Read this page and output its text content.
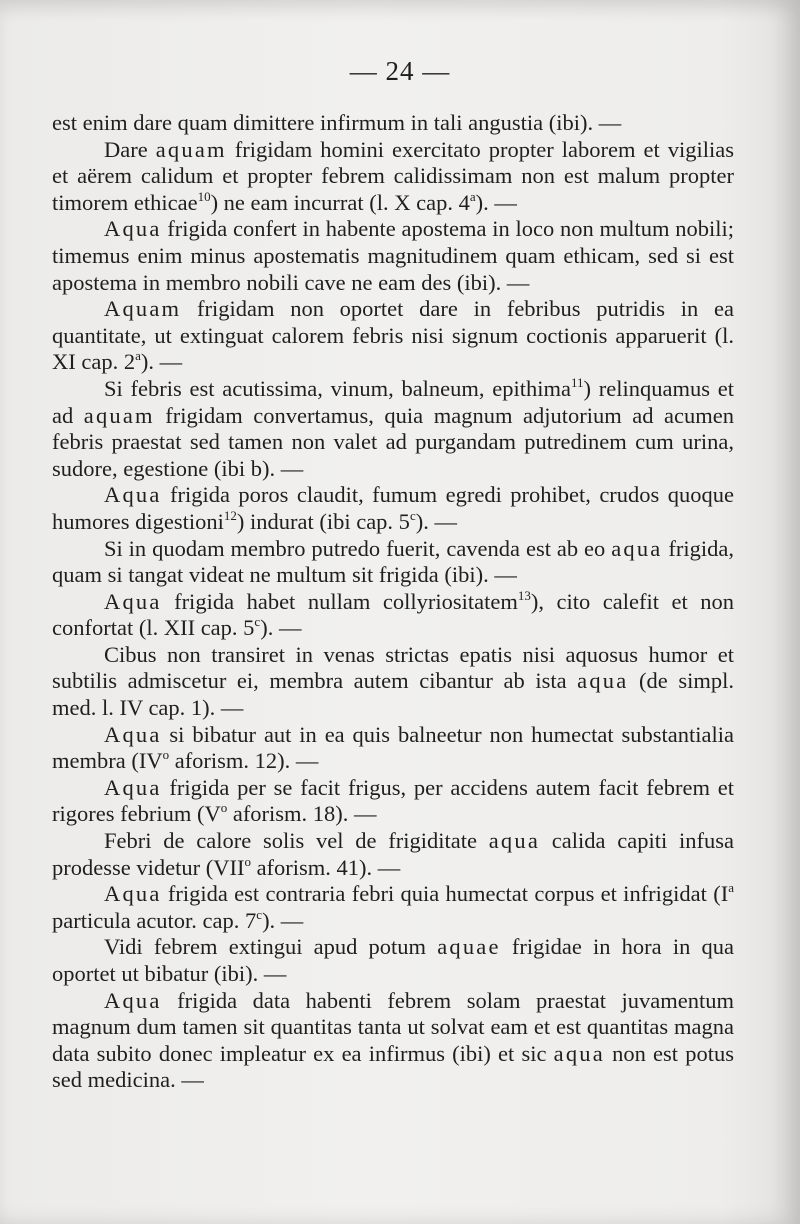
— 24 —

est enim dare quam dimittere infirmum in tali angustia (ibi). —

Dare aquam frigidam homini exercitato propter laborem et vigilias et aërem calidum et propter febrem calidissimam non est malum propter timorem ethicae$^{10}$) ne eam incurrat (l. X cap. 4$^a$). —

Aqua frigida confert in habente apostema in loco non multum nobili; timemus enim minus apostematis magnitudinem quam ethicam, sed si est apostema in membro nobili cave ne eam des (ibi). —

Aquam frigidam non oportet dare in febribus putridis in ea quantitate, ut extinguat calorem febris nisi signum coctionis apparuerit (l. XI cap. 2$^a$). —

Si febris est acutissima, vinum, balneum, epithima$^{11}$) relinquamus et ad aquam frigidam convertamus, quia magnum adjutorium ad acumen febris praestat sed tamen non valet ad purgandam putredinem cum urina, sudore, egestione (ibi b). —

Aqua frigida poros claudit, fumum egredi prohibet, crudos quoque humores digestioni$^{12}$) indurat (ibi cap. 5$^c$). —

Si in quodam membro putredo fuerit, cavenda est ab eo aqua frigida, quam si tangat videat ne multum sit frigida (ibi). —

Aqua frigida habet nullam collyriositatem$^{13}$), cito calefit et non confortat (l. XII cap. 5$^c$). —

Cibus non transiret in venas strictas epatis nisi aquosus humor et subtilis admiscetur ei, membra autem cibantur ab ista aqua (de simpl. med. l. IV cap. 1). —

Aqua si bibatur aut in ea quis balneetur non humectat substantialia membra ($IV^o$ aforism. 12). —

Aqua frigida per se facit frigus, per accidens autem facit febrem et rigores febrium ($V^o$ aforism. 18). —

Febri de calore solis vel de frigiditate aqua calida capiti infusa prodesse videtur (VII$^o$ aforism. 41). —

Aqua frigida est contraria febri quia humectat corpus et infrigidat ($I^a$ particula acutor. cap. 7$^c$). —

Vidi febrem extingui apud potum aquae frigidae in hora in qua oportet ut bibatur (ibi). —

Aqua frigida data habenti febrem solam praestat juvamentum magnum dum tamen sit quantitas tanta ut solvat eam et est quantitas magna data subito donec impleatur ex ea infirmus (ibi) et sic aqua non est potus sed medicina. —
